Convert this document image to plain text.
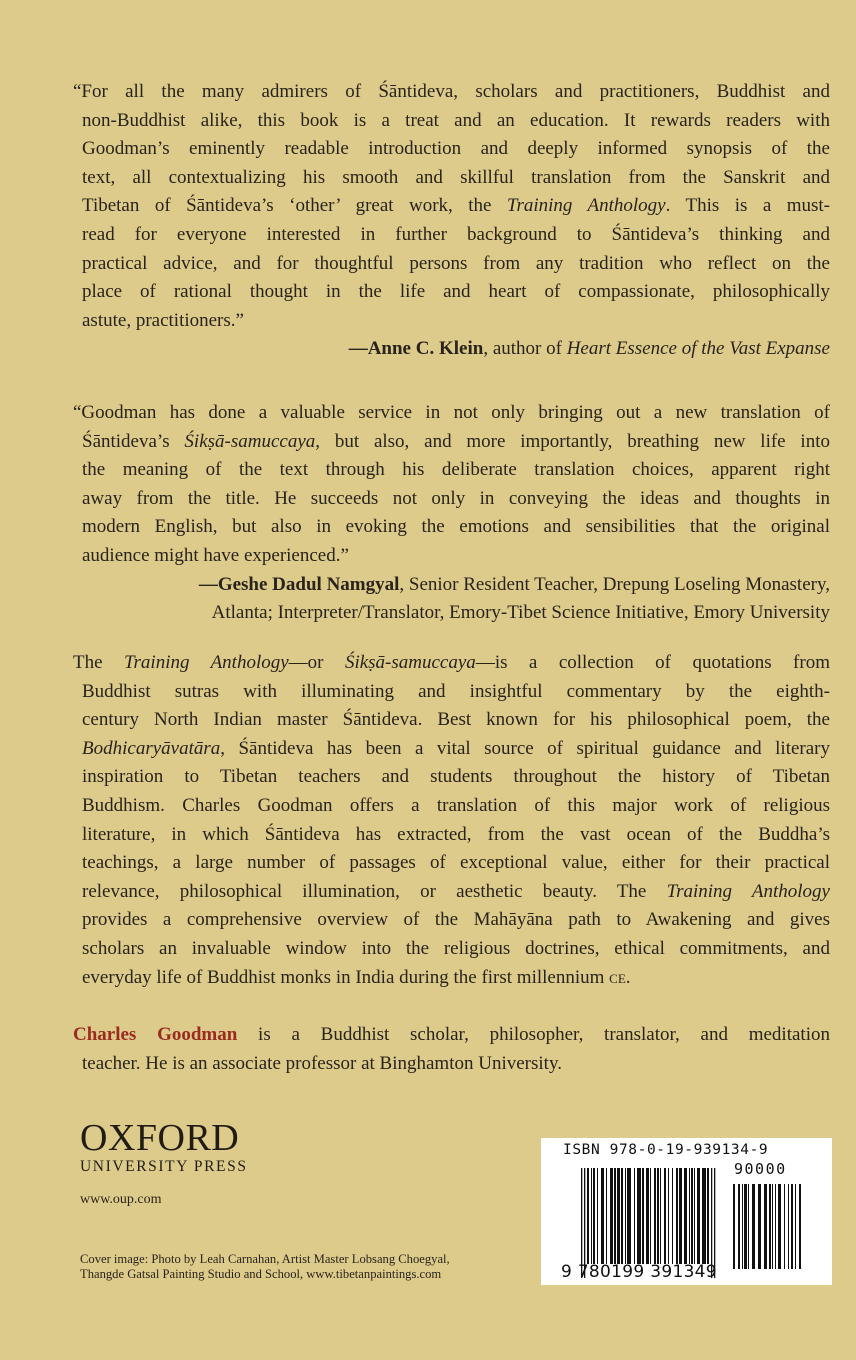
“For all the many admirers of Śāntideva, scholars and practitioners, Buddhist and
non-Buddhist alike, this book is a treat and an education. It rewards readers with
Goodman’s eminently readable introduction and deeply informed synopsis of the
text, all contextualizing his smooth and skillful translation from the Sanskrit and
Tibetan of Śāntideva’s ‘other’ great work, the Training Anthology. This is a must-
read for everyone interested in further background to Śāntideva’s thinking and
practical advice, and for thoughtful persons from any tradition who reflect on the
place of rational thought in the life and heart of compassionate, philosophically
astute, practitioners.”
—Anne C. Klein, author of Heart Essence of the Vast Expanse
“Goodman has done a valuable service in not only bringing out a new translation of
Śāntideva’s Śikṣā-samuccaya, but also, and more importantly, breathing new life into
the meaning of the text through his deliberate translation choices, apparent right
away from the title. He succeeds not only in conveying the ideas and thoughts in
modern English, but also in evoking the emotions and sensibilities that the original
audience might have experienced.”
—Geshe Dadul Namgyal, Senior Resident Teacher, Drepung Loseling Monastery,
Atlanta; Interpreter/Translator, Emory-Tibet Science Initiative, Emory University
The Training Anthology—or Śikṣā-samuccaya—is a collection of quotations from
Buddhist sutras with illuminating and insightful commentary by the eighth-
century North Indian master Śāntideva. Best known for his philosophical poem, the
Bodhicaryāvatāra, Śāntideva has been a vital source of spiritual guidance and literary
inspiration to Tibetan teachers and students throughout the history of Tibetan
Buddhism. Charles Goodman offers a translation of this major work of religious
literature, in which Śāntideva has extracted, from the vast ocean of the Buddha’s
teachings, a large number of passages of exceptional value, either for their practical
relevance, philosophical illumination, or aesthetic beauty. The Training Anthology
provides a comprehensive overview of the Mahāyāna path to Awakening and gives
scholars an invaluable window into the religious doctrines, ethical commitments, and
everyday life of Buddhist monks in India during the first millennium ce.
Charles Goodman is a Buddhist scholar, philosopher, translator, and meditation
teacher. He is an associate professor at Binghamton University.
OXFORD
UNIVERSITY PRESS
www.oup.com
Cover image: Photo by Leah Carnahan, Artist Master Lobsang Choegyal,
Thangde Gatsal Painting Studio and School, www.tibetanpaintings.com
ISBN 978-0-19-939134-9
90000
9 780199 391349
